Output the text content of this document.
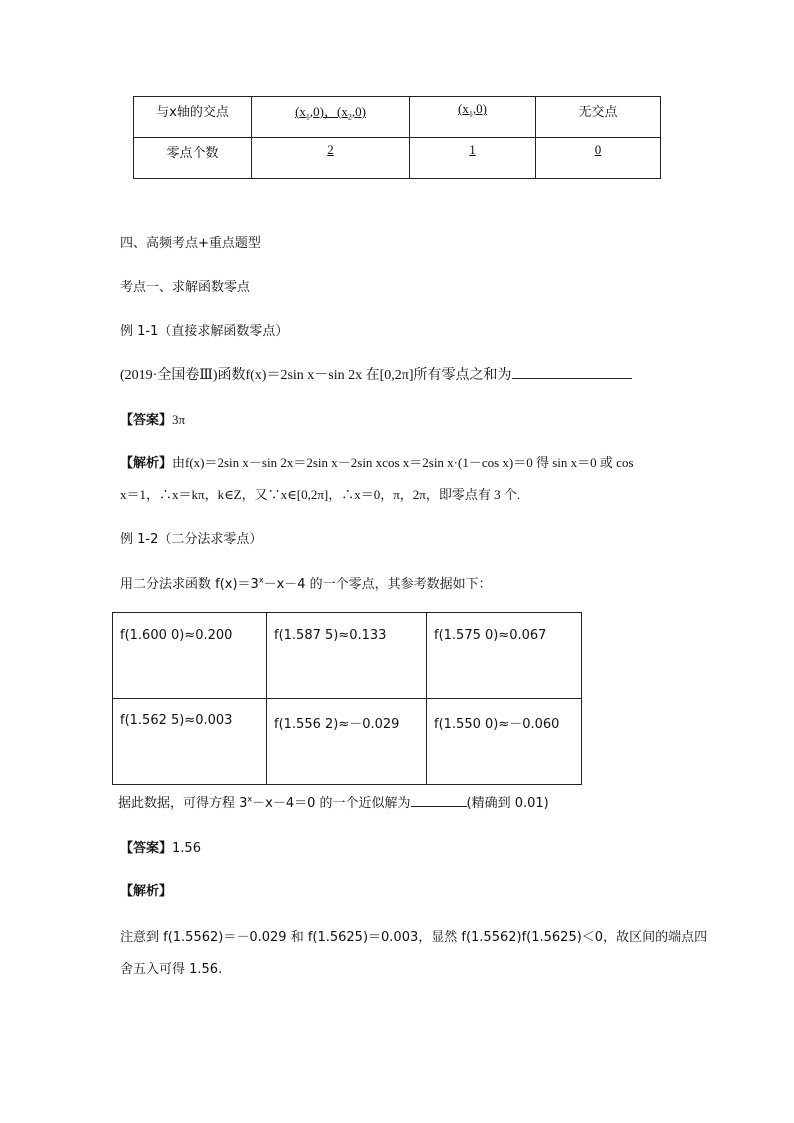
与x轴的交点	$(x_1,0)$，$(x_2,0)$	$(x_1,0)$	无交点
零点个数	2	1	0
四、高频考点+重点题型
考点一、求解函数零点
例 1-1（直接求解函数零点）
(2019·全国卷Ⅲ)函数f(x)＝2sin x－sin 2x 在[0,2π]所有零点之和为
【答案】3π
【解析】由f(x)＝2sin x－sin 2x＝2sin x－2sin xcos x＝2sin x·(1－cos x)＝0 得 sin x＝0 或 cos
x＝1，∴x＝kπ，k∈Z，又∵x∈[0,2π]，∴x＝0，π，2π，即零点有 3 个.
例 1-2（二分法求零点）
用二分法求函数 $f(x)=3^x-x-4$ 的一个零点，其参考数据如下：
f(1.600 0)≈0.200	f(1.587 5)≈0.133	f(1.575 0)≈0.067
f(1.562 5)≈0.003	f(1.556 2)≈－0.029	f(1.550 0)≈－0.060
据此数据，可得方程 $3^x-x-4=0$ 的一个近似解为	(精确到 0.01)
【答案】1.56
【解析】
注意到 f(1.5562)＝－0.029 和 f(1.5625)＝0.003，显然 f(1.5562)f(1.5625)＜0，故区间的端点四
舍五入可得 1.56.
